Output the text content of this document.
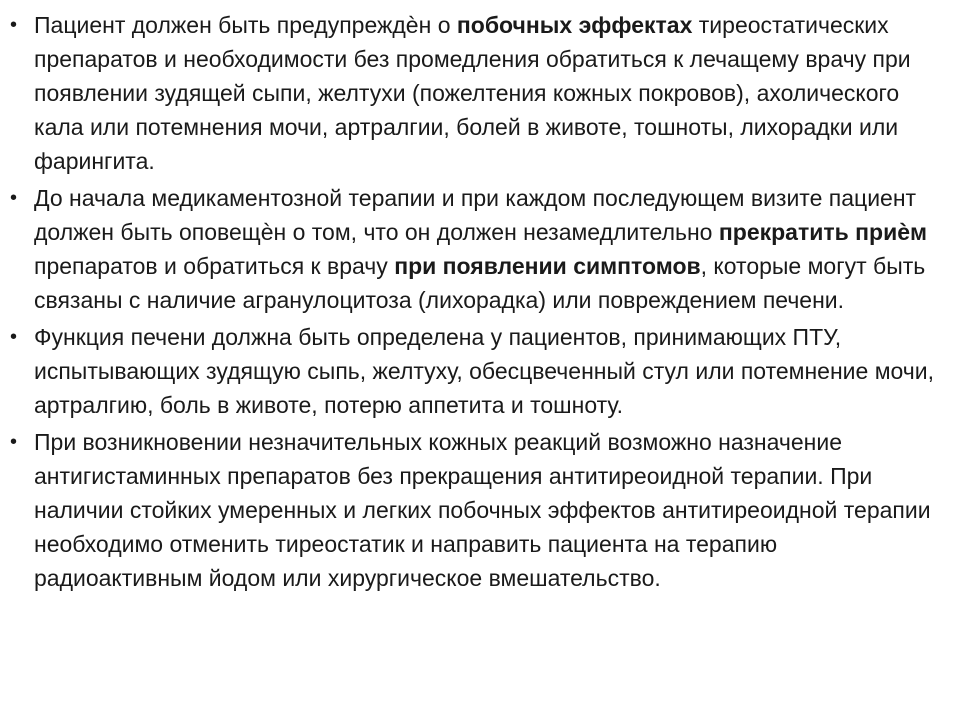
• Пациент должен быть предупреждѐн о побочных эффектах тиреостатических препаратов и необходимости без промедления обратиться к лечащему врачу при появлении зудящей сыпи, желтухи (пожелтения кожных покровов), ахолического кала или потемнения мочи, артралгии, болей в животе, тошноты, лихорадки или фарингита.
• До начала медикаментозной терапии и при каждом последующем визите пациент должен быть оповещѐн о том, что он должен незамедлительно прекратить приѐм препаратов и обратиться к врачу при появлении симптомов, которые могут быть связаны с наличие агранулоцитоза (лихорадка) или повреждением печени.
• Функция печени должна быть определена у пациентов, принимающих ПТУ, испытывающих зудящую сыпь, желтуху, обесцвеченный стул или потемнение мочи, артралгию, боль в животе, потерю аппетита и тошноту.
• При возникновении незначительных кожных реакций возможно назначение антигистаминных препаратов без прекращения антитиреоидной терапии. При наличии стойких умеренных и легких побочных эффектов антитиреоидной терапии необходимо отменить тиреостатик и направить пациента на терапию радиоактивным йодом или хирургическое вмешательство.
